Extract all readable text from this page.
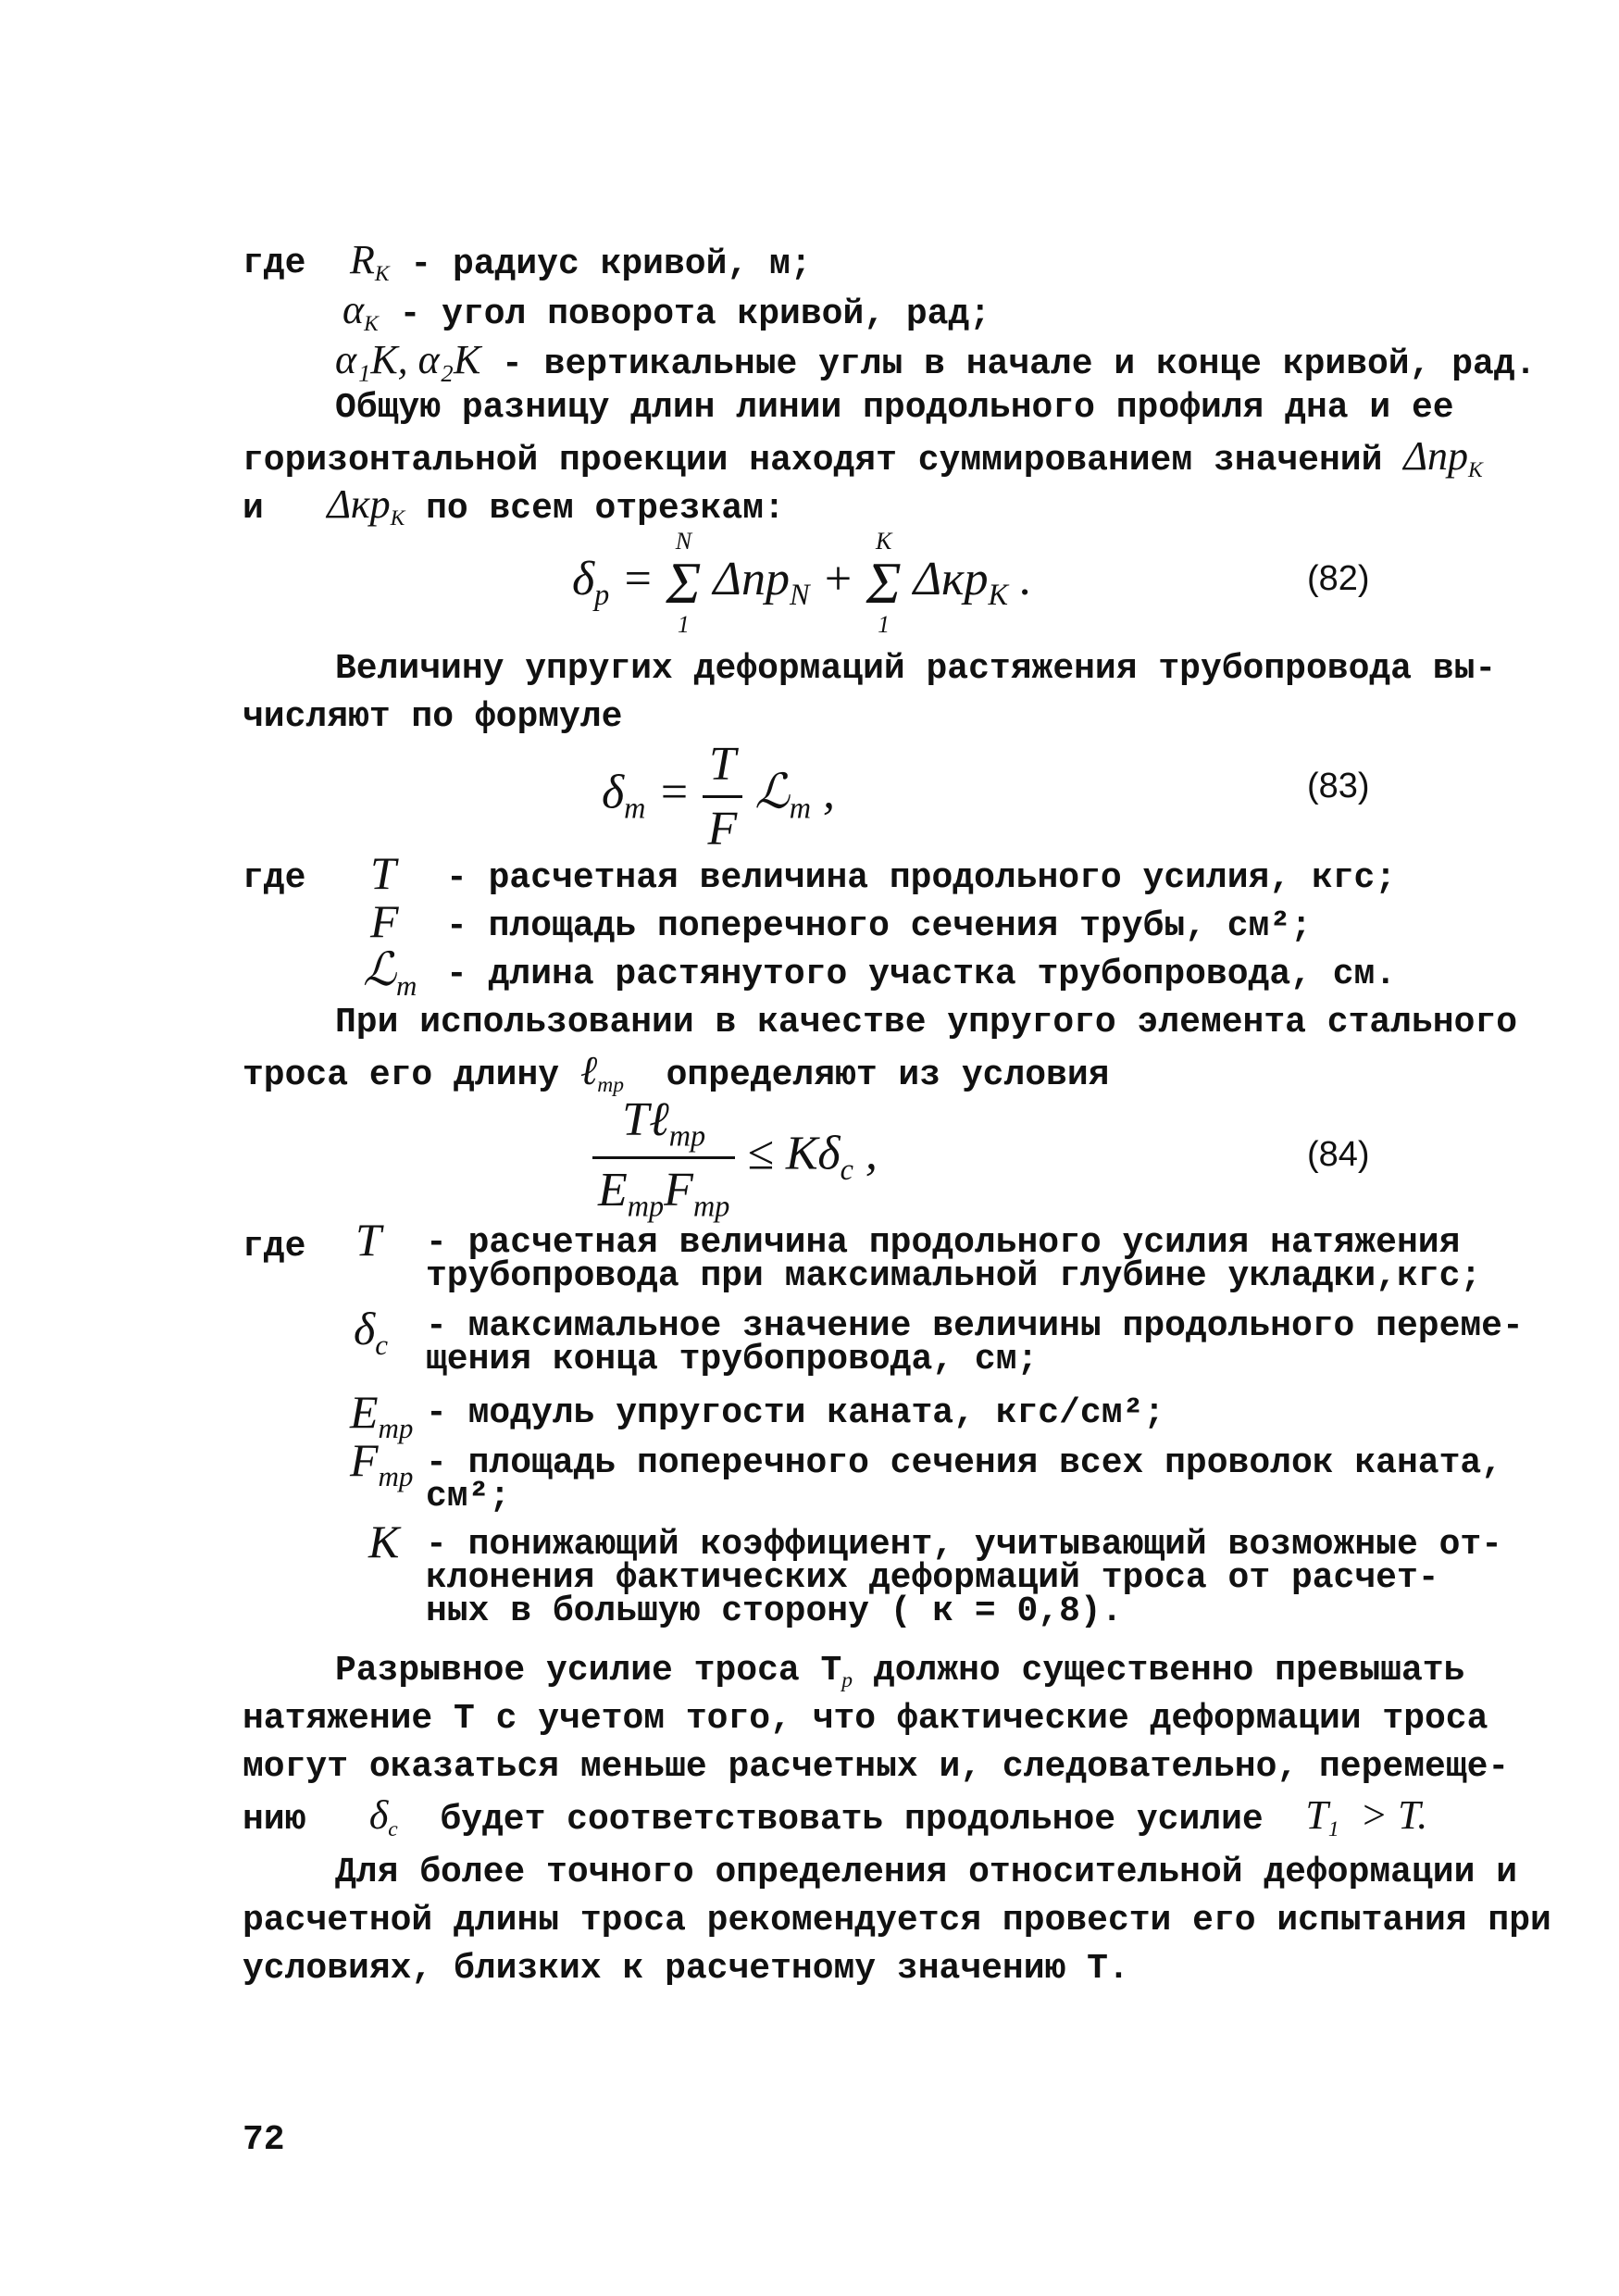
где $R_К$ - радиус кривой, м;
$\alpha_К$ - угол поворота кривой, рад;
α₁К, α₂К - вертикальные углы в начале и конце кривой, рад.
Общую разницу длин линии продольного профиля дна и ее
горизонтальной проекции находят суммированием значений Δпр$_К$
и Δкр$_К$ по всем отрезкам:
$\delta_р$ =
N
Σ
1
Δпр$_N$ +
К
Σ
1
Δкр$_К$ .	(82)
Величину упругих деформаций растяжения трубопровода вы-
числяют по формуле
$\delta_т = \frac{T}{F}$ ℒ$_т$ ,	(83)
где T - расчетная величина продольного усилия, кгс;
F - площадь поперечного сечения трубы, см²;
ℒ$_т$ - длина растянутого участка трубопровода, см.
При использовании в качестве упругого элемента стального
троса его длину ℓ$_{тр}$ определяют из условия
$\frac{T\ell_{тр}}{E_{тр}F_{тр}} \le К\delta_с$ ,	(84)
где T - расчетная величина продольного усилия натяжения
трубопровода при максимальной глубине укладки,кгс;
$\delta_с$ - максимальное значение величины продольного переме-
щения конца трубопровода, см;
$E_{тр}$ - модуль упругости каната, кгс/см²;
$F_{тр}$ - площадь поперечного сечения всех проволок каната,
см²;
К - понижающий коэффициент, учитывающий возможные от-
клонения фактических деформаций троса от расчет-
ных в большую сторону ( к = 0,8).
Разрывное усилие троса $Т_р$ должно существенно превышать
натяжение Т с учетом того, что фактические деформации троса
могут оказаться меньше расчетных и, следовательно, перемеще-
нию $\delta_с$ будет соответствовать продольное усилие $T_1 > T$.
Для более точного определения относительной деформации и
расчетной длины троса рекомендуется провести его испытания при
условиях, близких к расчетному значению Т.
72
